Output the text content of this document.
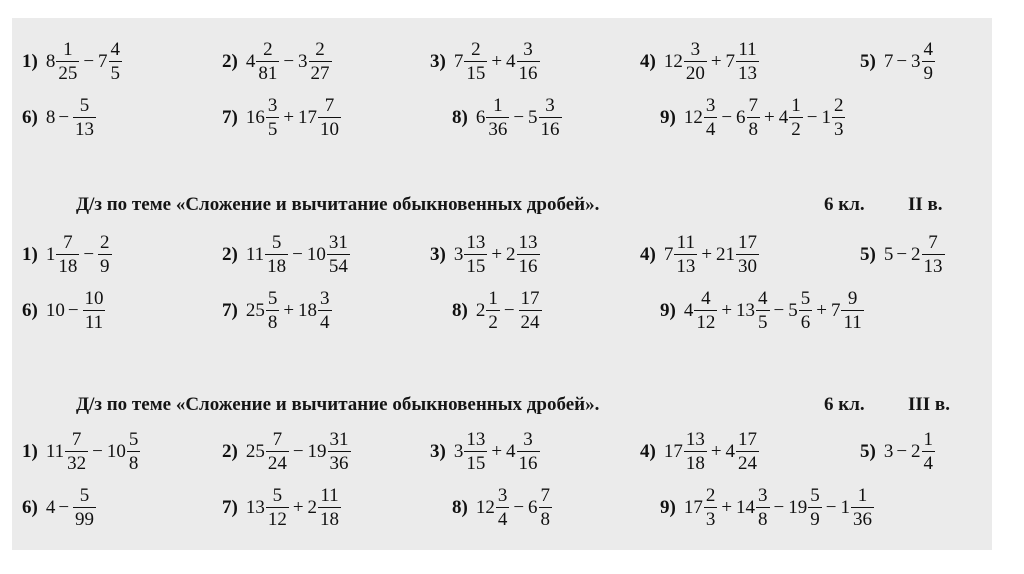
1) $8 \frac{1}{25} - 7 \frac{4}{5}$	2) $4 \frac{2}{81} - 3 \frac{2}{27}$	3) $7 \frac{2}{15} + 4 \frac{3}{16}$	4) $12 \frac{3}{20} + 7 \frac{11}{13}$	5) $7 - 3 \frac{4}{9}$
6) $8 - \frac{5}{13}$	7) $16 \frac{3}{5} + 17 \frac{7}{10}$	8) $6 \frac{1}{36} - 5 \frac{3}{16}$	9) $12 \frac{3}{4} - 6 \frac{7}{8} + 4 \frac{1}{2} - 1 \frac{2}{3}$
Д/з по теме «Сложение и вычитание обыкновенных дробей».	6 кл. II в.
1) $1 \frac{7}{18} - \frac{2}{9}$	2) $11 \frac{5}{18} - 10 \frac{31}{54}$	3) $3 \frac{13}{15} + 2 \frac{13}{16}$	4) $7 \frac{11}{13} + 21 \frac{17}{30}$	5) $5 - 2 \frac{7}{13}$
6) $10 - \frac{10}{11}$	7) $25 \frac{5}{8} + 18 \frac{3}{4}$	8) $2 \frac{1}{2} - \frac{17}{24}$	9) $4 \frac{4}{12} + 13 \frac{4}{5} - 5 \frac{5}{6} + 7 \frac{9}{11}$
Д/з по теме «Сложение и вычитание обыкновенных дробей».	6 кл. III в.
1) $11 \frac{7}{32} - 10 \frac{5}{8}$	2) $25 \frac{7}{24} - 19 \frac{31}{36}$	3) $3 \frac{13}{15} + 4 \frac{3}{16}$	4) $17 \frac{13}{18} + 4 \frac{17}{24}$	5) $3 - 2 \frac{1}{4}$
6) $4 - \frac{5}{99}$	7) $13 \frac{5}{12} + 2 \frac{11}{18}$	8) $12 \frac{3}{4} - 6 \frac{7}{8}$	9) $17 \frac{2}{3} + 14 \frac{3}{8} - 19 \frac{5}{9} - 1 \frac{1}{36}$
